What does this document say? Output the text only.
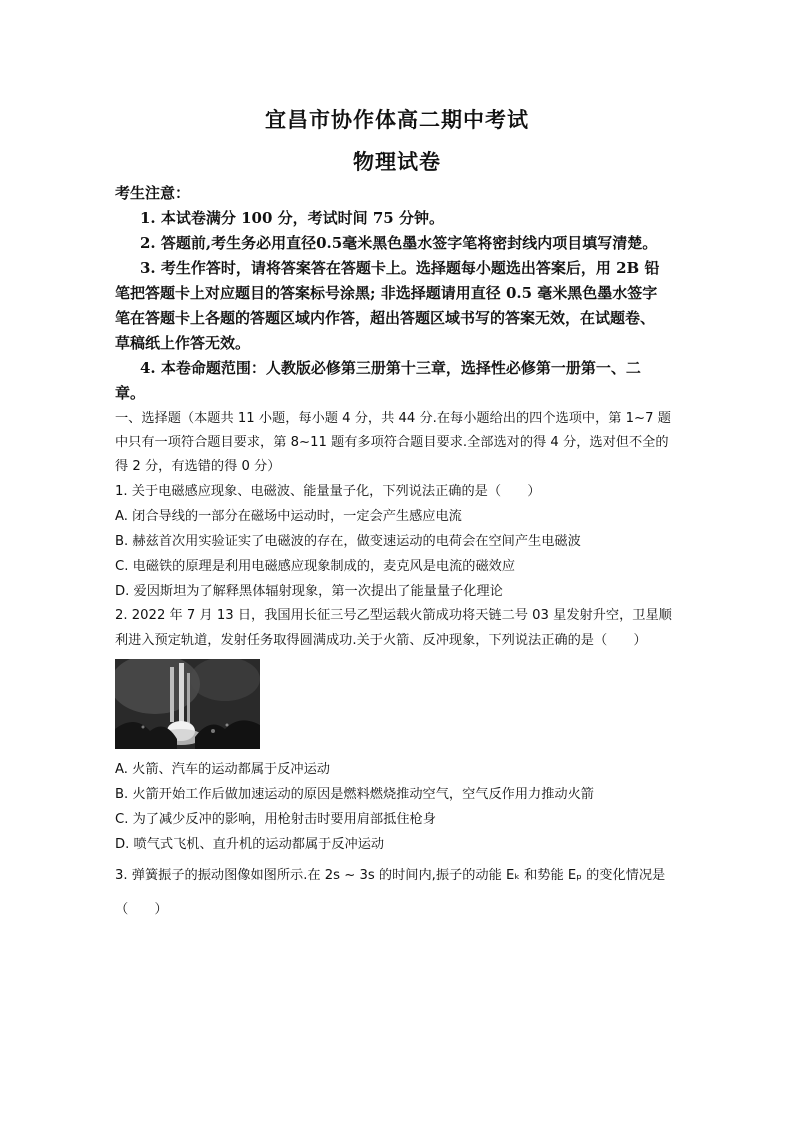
宜昌市协作体高二期中考试
物理试卷
考生注意：
1. 本试卷满分 100 分，考试时间 75 分钟。
2. 答题前,考生务必用直径0.5毫米黑色墨水签字笔将密封线内项目填写清楚。
3. 考生作答时，请将答案答在答题卡上。选择题每小题选出答案后，用 2B 铅
笔把答题卡上对应题目的答案标号涂黑; 非选择题请用直径 0.5 毫米黑色墨水签字
笔在答题卡上各题的答题区域内作答，超出答题区域书写的答案无效，在试题卷、
草稿纸上作答无效。
4. 本卷命题范围：人教版必修第三册第十三章，选择性必修第一册第一、二
章。
一、选择题（本题共 11 小题，每小题 4 分，共 44 分.在每小题给出的四个选项中，第 1~7 题
中只有一项符合题目要求，第 8~11 题有多项符合题目要求.全部选对的得 4 分，选对但不全的
得 2 分，有选错的得 0 分）
1. 关于电磁感应现象、电磁波、能量量子化，下列说法正确的是（　　）
A. 闭合导线的一部分在磁场中运动时，一定会产生感应电流
B. 赫兹首次用实验证实了电磁波的存在，做变速运动的电荷会在空间产生电磁波
C. 电磁铁的原理是利用电磁感应现象制成的，麦克风是电流的磁效应
D. 爱因斯坦为了解释黑体辐射现象，第一次提出了能量量子化理论
2. 2022 年 7 月 13 日，我国用长征三号乙型运载火箭成功将天链二号 03 星发射升空，卫星顺
利进入预定轨道，发射任务取得圆满成功.关于火箭、反冲现象，下列说法正确的是（　　）
A. 火箭、汽车的运动都属于反冲运动
B. 火箭开始工作后做加速运动的原因是燃料燃烧推动空气，空气反作用力推动火箭
C. 为了减少反冲的影响，用枪射击时要用肩部抵住枪身
D. 喷气式飞机、直升机的运动都属于反冲运动
3. 弹簧振子的振动图像如图所示.在 2s ~ 3s 的时间内,振子的动能 Eₖ 和势能 Eₚ 的变化情况是
（　　）
